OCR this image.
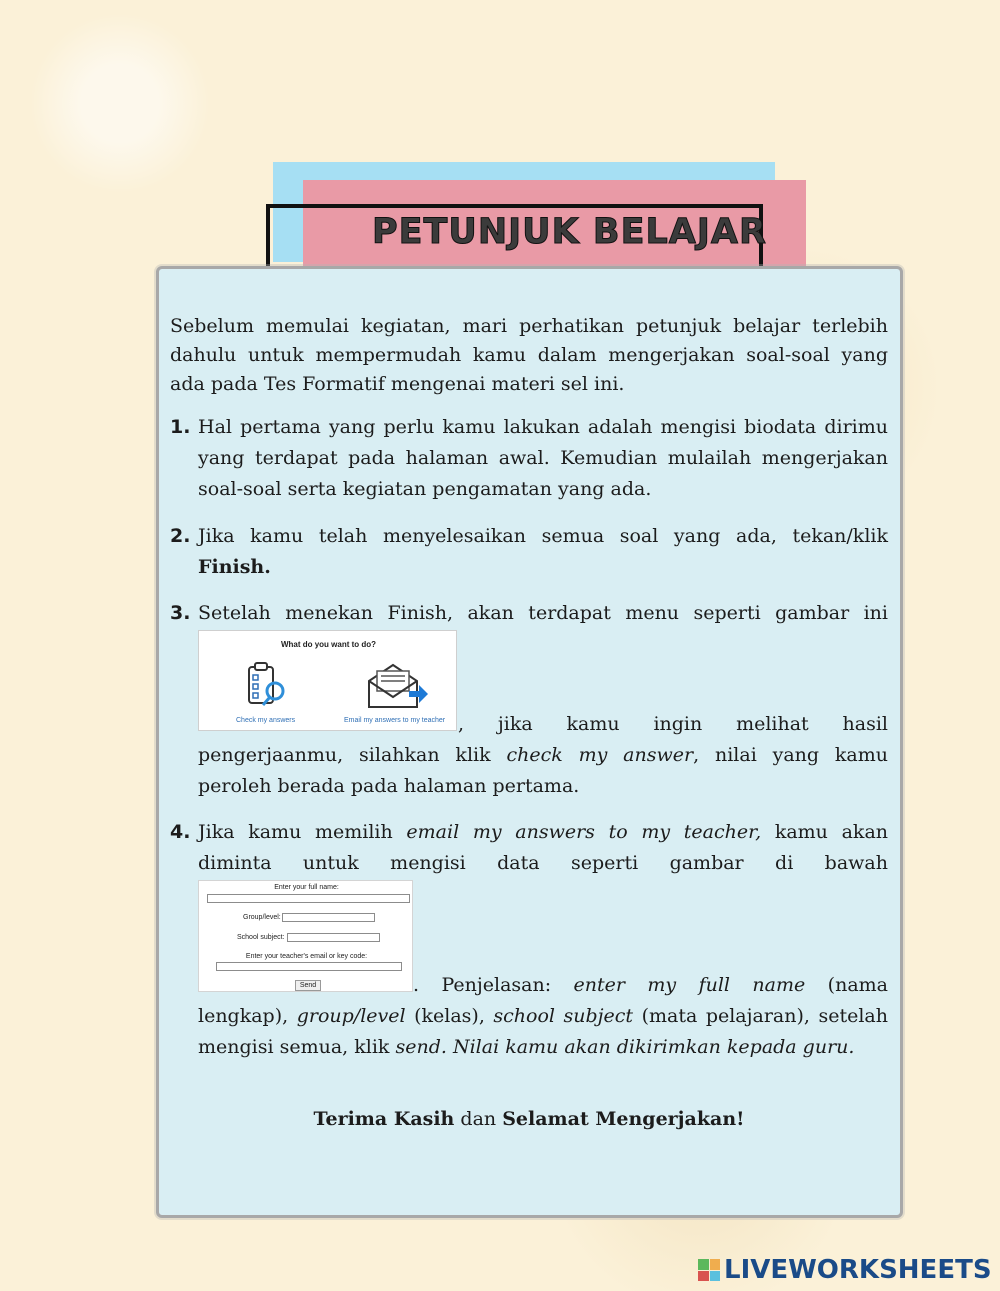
PETUNJUK BELAJAR

Sebelum memulai kegiatan, mari perhatikan petunjuk belajar terlebih dahulu untuk mempermudah kamu dalam mengerjakan soal-soal yang ada pada Tes Formatif mengenai materi sel ini.

1. Hal pertama yang perlu kamu lakukan adalah mengisi biodata dirimu yang terdapat pada halaman awal. Kemudian mulailah mengerjakan soal-soal serta kegiatan pengamatan yang ada.
2. Jika kamu telah menyelesaikan semua soal yang ada, tekan/klik Finish.
3. Setelah menekan Finish, akan terdapat menu seperti gambar ini
, jika kamu ingin melihat hasil
pengerjaanmu, silahkan klik check my answer, nilai yang kamu peroleh berada pada halaman pertama.
What do you want to do?
Check my answers	Email my answers to my teacher
4. Jika kamu memilih email my answers to my teacher, kamu akan
diminta untuk mengisi data seperti gambar di bawah
. Penjelasan: enter my full name (nama
lengkap), group/level (kelas), school subject (mata pelajaran), setelah mengisi semua, klik send. Nilai kamu akan dikirimkan kepada guru.
Enter your full name:
Group/level:
School subject:
Enter your teacher's email or key code:
Send
Terima Kasih dan Selamat Mengerjakan!
LIVEWORKSHEETS
